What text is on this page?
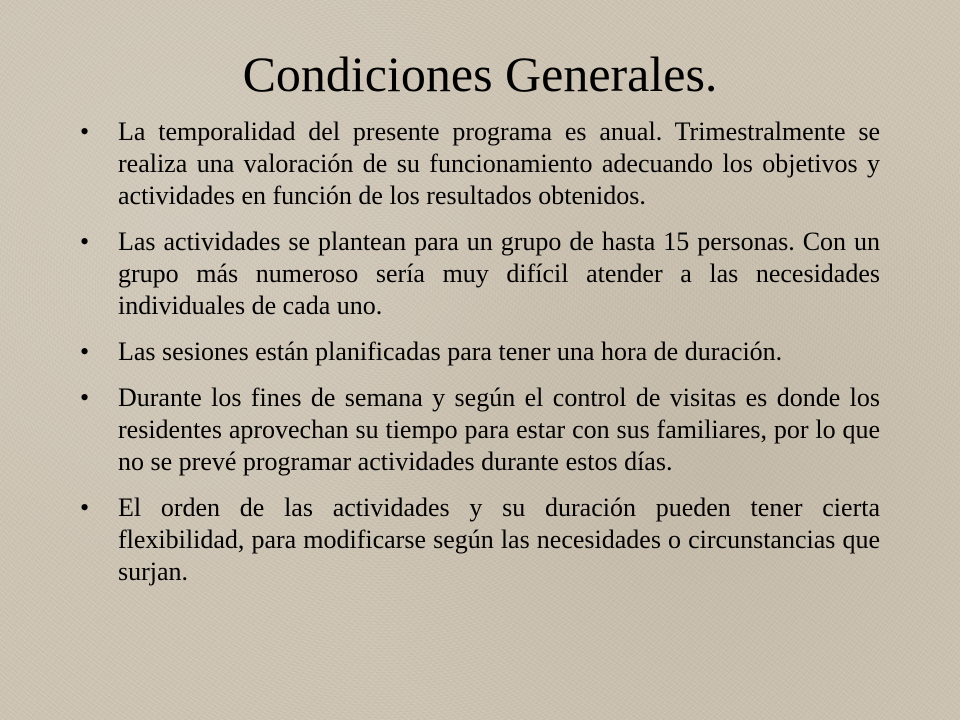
Condiciones Generales.
•	La temporalidad del presente programa es anual. Trimestralmente se realiza una valoración de su funcionamiento adecuando los objetivos y actividades en función de los resultados obtenidos.
•	Las actividades se plantean para un grupo de hasta 15 personas. Con un grupo más numeroso sería muy difícil atender a las necesidades individuales de cada uno.
•	Las sesiones están planificadas para tener una hora de duración.
•	Durante los fines de semana y según el control de visitas es donde los residentes aprovechan su tiempo para estar con sus familiares, por lo que no se prevé programar actividades durante estos días.
•	El orden de las actividades y su duración pueden tener cierta flexibilidad, para modificarse según las necesidades o circunstancias que surjan.
